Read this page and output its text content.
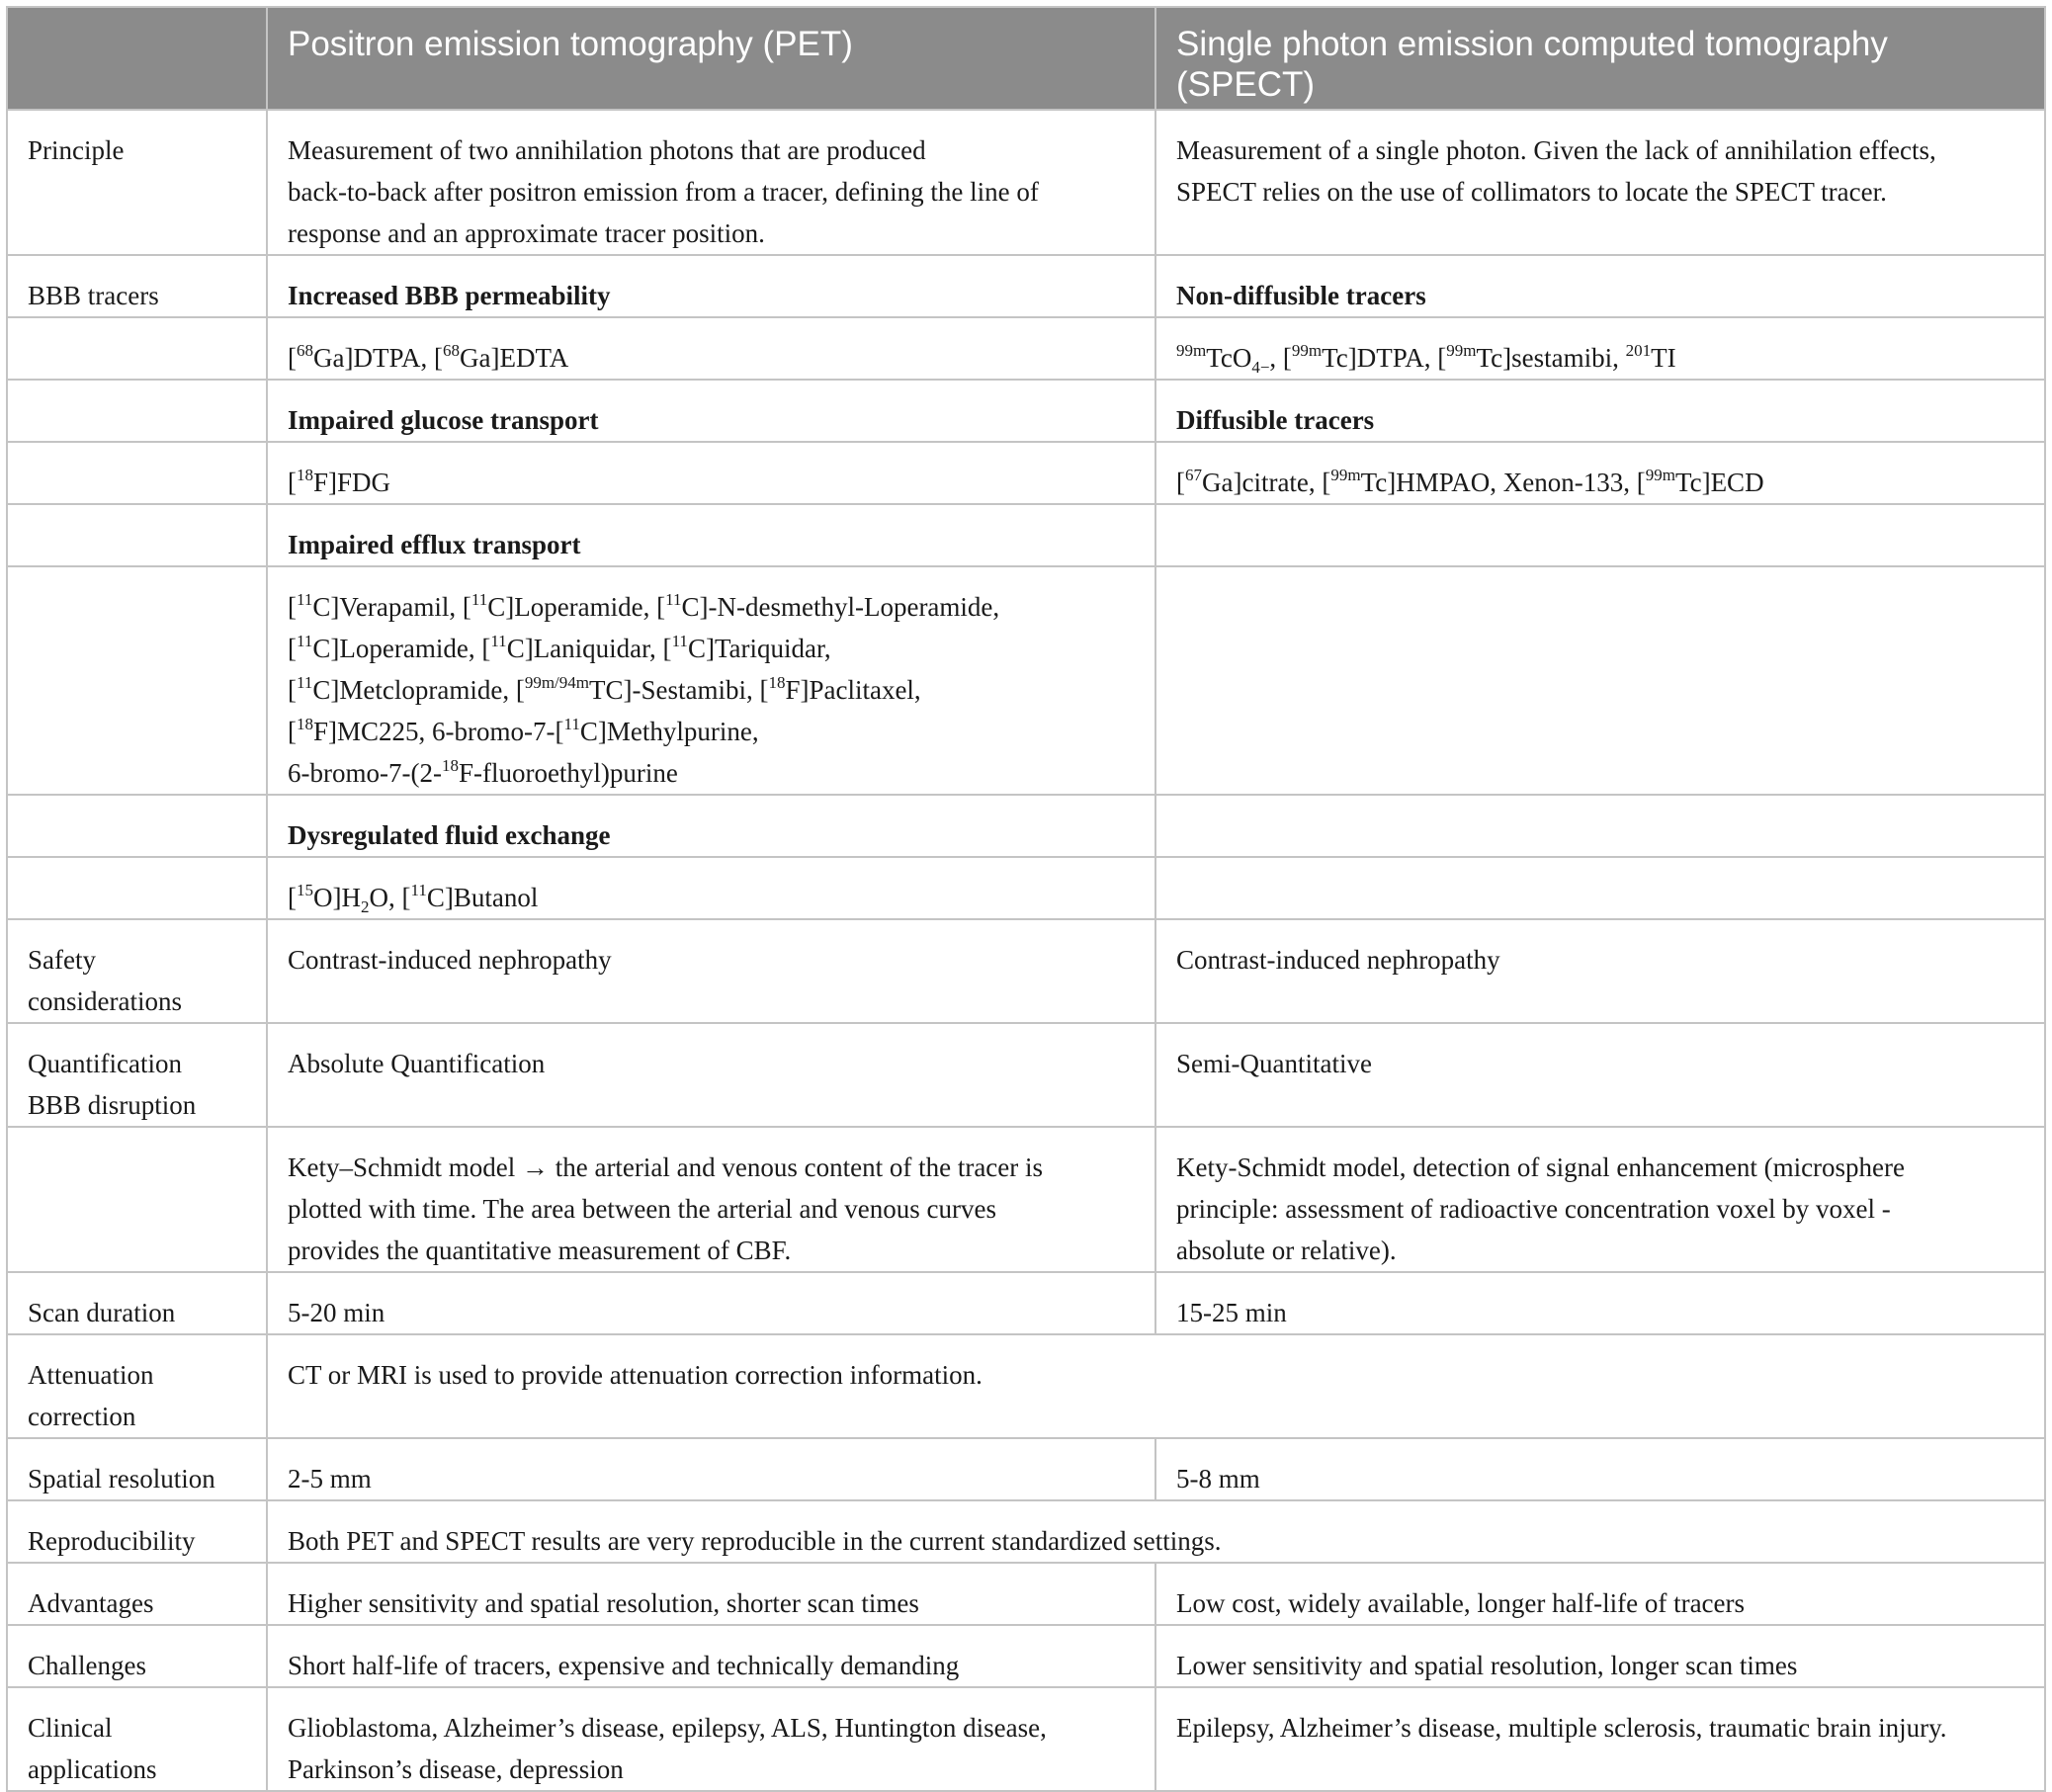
	Positron emission tomography (PET)	Single photon emission computed tomography (SPECT)
Principle	Measurement of two annihilation photons that are produced
back-to-back after positron emission from a tracer, defining the line of
response and an approximate tracer position.	Measurement of a single photon. Given the lack of annihilation effects,
SPECT relies on the use of collimators to locate the SPECT tracer.

BBB tracers	Increased BBB permeability	Non-diffusible tracers
	[$^{68}$Ga]DTPA, [$^{68}$Ga]EDTA	$^{99m}$TcO$_{4-}$, [$^{99m}$Tc]DTPA, [$^{99m}$Tc]sestamibi, $^{201}$TI
	Impaired glucose transport	Diffusible tracers
	[$^{18}$F]FDG	[$^{67}$Ga]citrate, [$^{99m}$Tc]HMPAO, Xenon-133, [$^{99m}$Tc]ECD
	Impaired efflux transport	

	[$^{11}$C]Verapamil, [$^{11}$C]Loperamide, [$^{11}$C]-N-desmethyl-Loperamide,
[$^{11}$C]Loperamide, [$^{11}$C]Laniquidar, [$^{11}$C]Tariquidar,
[$^{11}$C]Metclopramide, [$^{99m/94m}$TC]-Sestamibi, [$^{18}$F]Paclitaxel,
[$^{18}$F]MC225, 6-bromo-7-[$^{11}$C]Methylpurine,
6-bromo-7-(2-$^{18}$F-fluoroethyl)purine	

	Dysregulated fluid exchange	
	$[^{15}O]H_2O$, [$^{11}$C]Butanol	

Safety
considerations	Contrast-induced nephropathy	Contrast-induced nephropathy

Quantification
BBB disruption	Absolute Quantification	Semi-Quantitative

	Kety–Schmidt model → the arterial and venous content of the tracer is
plotted with time. The area between the arterial and venous curves
provides the quantitative measurement of CBF.	Kety-Schmidt model, detection of signal enhancement (microsphere
principle: assessment of radioactive concentration voxel by voxel -
absolute or relative).

Scan duration	5-20 min	15-25 min

Attenuation
correction	CT or MRI is used to provide attenuation correction information.	
Spatial resolution	2-5 mm	5-8 mm
Reproducibility	Both PET and SPECT results are very reproducible in the current standardized settings.	
Advantages	Higher sensitivity and spatial resolution, shorter scan times	Low cost, widely available, longer half-life of tracers
Challenges	Short half-life of tracers, expensive and technically demanding	Lower sensitivity and spatial resolution, longer scan times

Clinical
applications	Glioblastoma, Alzheimer’s disease, epilepsy, ALS, Huntington disease,
Parkinson’s disease, depression	Epilepsy, Alzheimer’s disease, multiple sclerosis, traumatic brain injury.
